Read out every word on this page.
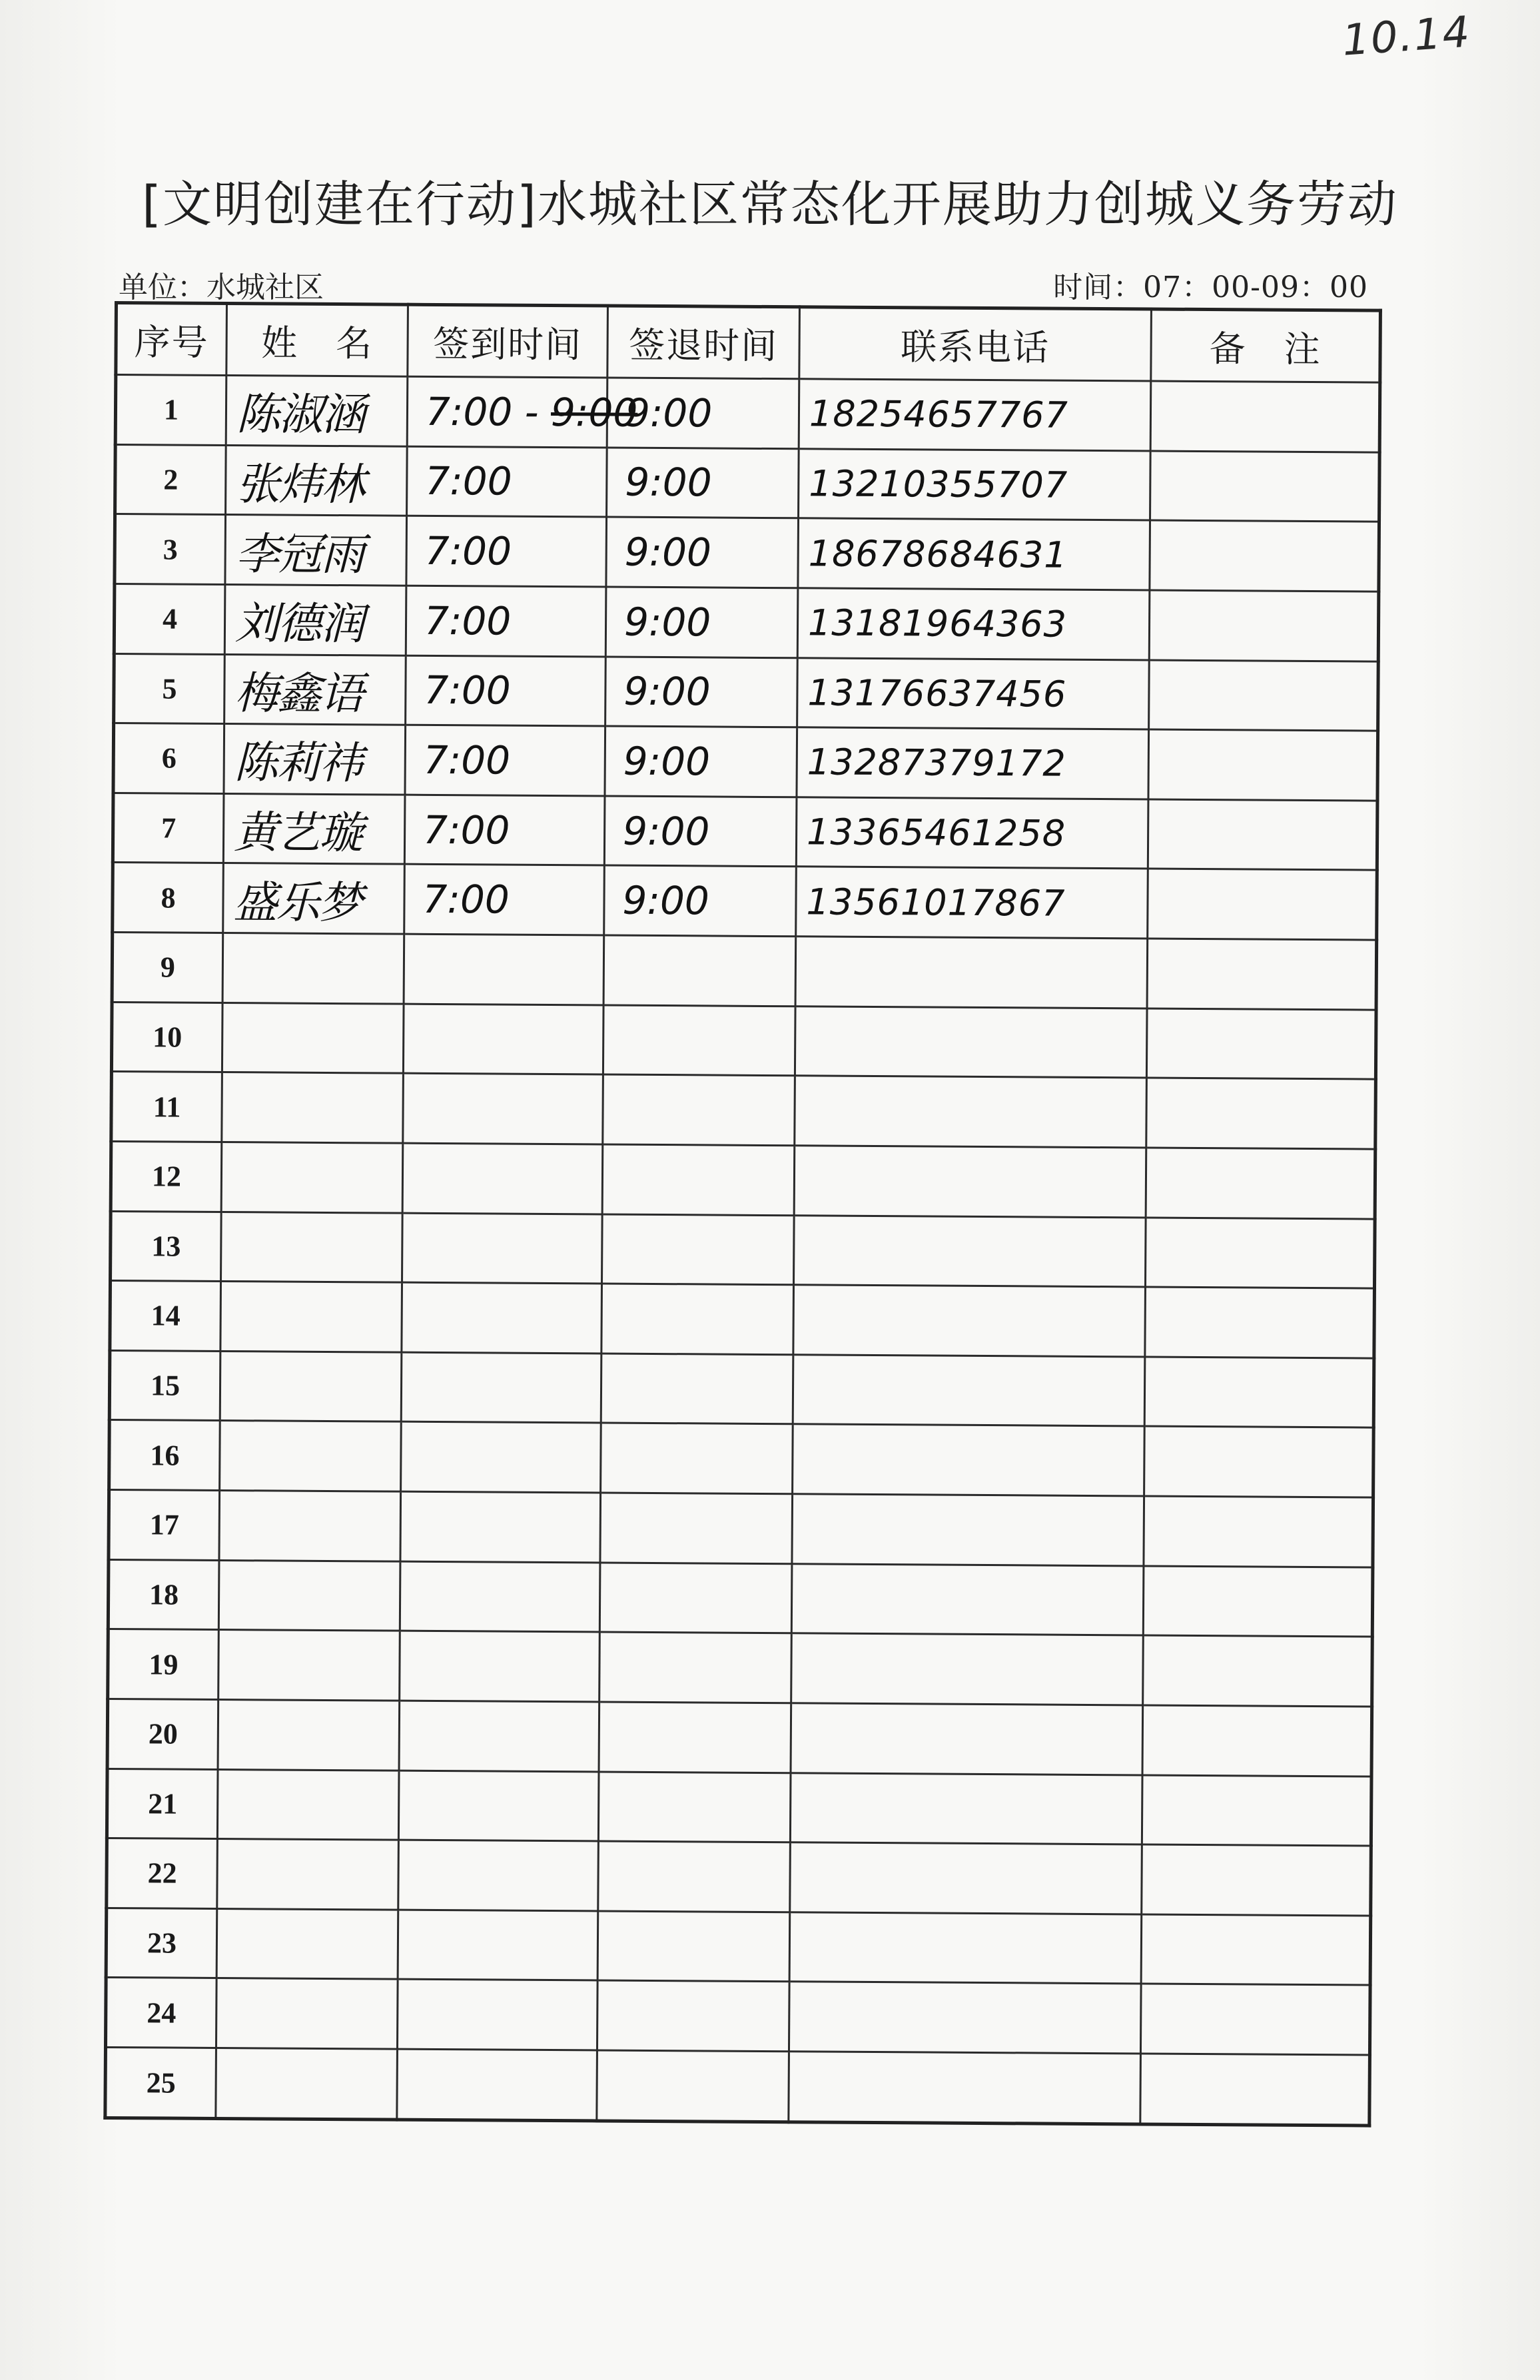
10.14
[文明创建在行动]水城社区常态化开展助力创城义务劳动
单位：水城社区	时间：07：00-09：00
序号	姓　名	签到时间	签退时间	联系电话	备　注
1	陈淑涵	7:00 - 9:00	9:00	18254657767	
2	张炜林	7:00	9:00	13210355707	
3	李冠雨	7:00	9:00	18678684631	
4	刘德润	7:00	9:00	13181964363	
5	梅鑫语	7:00	9:00	13176637456	
6	陈莉祎	7:00	9:00	13287379172	
7	黄艺璇	7:00	9:00	13365461258	
8	盛乐梦	7:00	9:00	13561017867	
9					
10					
11					
12					
13					
14					
15					
16					
17					
18					
19					
20					
21					
22					
23					
24					
25					
